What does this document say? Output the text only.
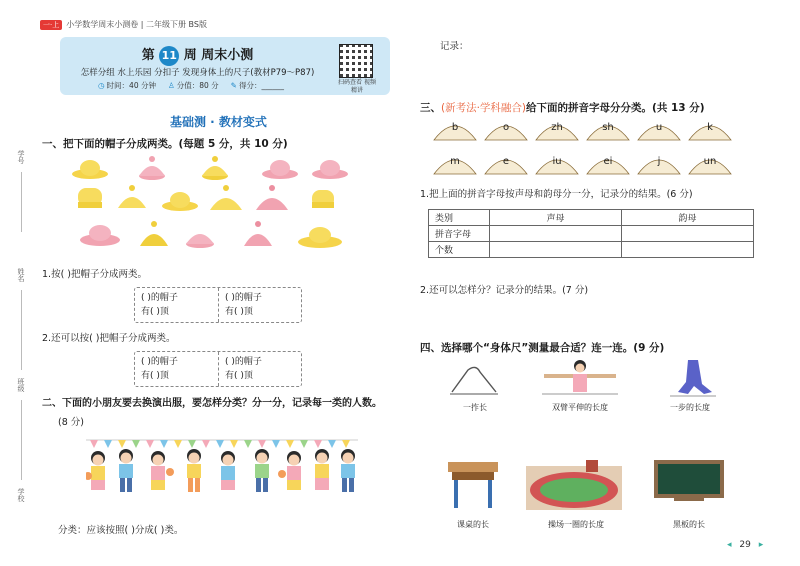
一·上 小学数学周末小测卷 | 二年级下册 BS版
第 11 周 周末小测
怎样分组 水上乐园 分扣子 发现身体上的尺子(教材P79～P87)
◷ 时间：40 分钟 ♙ 分值：80 分 ✎ 得分：______	扫码查看 视频精讲
学号
姓名
班级
学校
基础测 · 教材变式
一、把下面的帽子分成两类。(每题 5 分，共 10 分)
1.按( )把帽子分成两类。
( )的帽子
有( )顶
( )的帽子
有( )顶
2.还可以按( )把帽子分成两类。
( )的帽子
有( )顶
( )的帽子
有( )顶
二、下面的小朋友要去换演出服，要怎样分类？分一分，记录每一类的人数。
(8 分)
分类：应该按照( )分成( )类。
记录：
三、(新考法·学科融合)给下面的拼音字母分分类。(共 13 分)
b	o	zh	sh	u	k
m	e	iu	ei	j	un
1.把上面的拼音字母按声母和韵母分一分，记录分的结果。(6 分)
类别	声母	韵母
拼音字母		
个数		
2.还可以怎样分？记录分的结果。(7 分)
四、选择哪个“身体尺”测量最合适？连一连。(9 分)
一拃长	双臂平伸的长度	一步的长度
课桌的长	操场一圈的长度	黑板的长
◂ 29 ▸
